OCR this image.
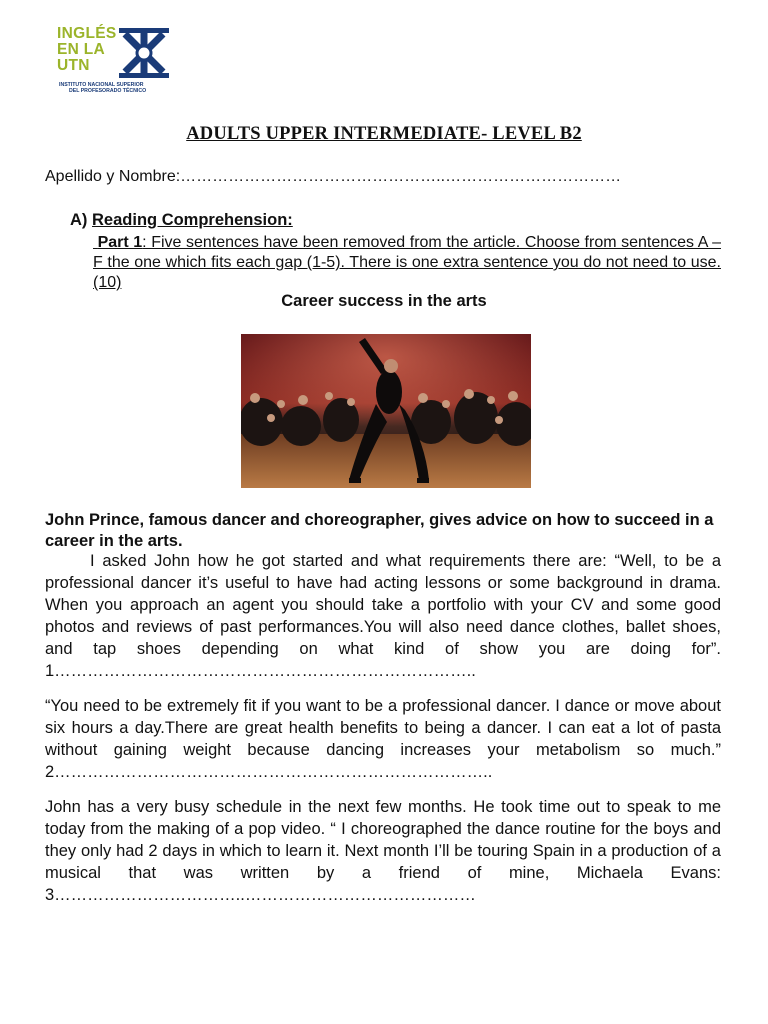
INGLÉS
EN LA
UTN
INSTITUTO NACIONAL SUPERIOR
DEL PROFESORADO TÉCNICO
ADULTS UPPER INTERMEDIATE- LEVEL B2
Apellido y Nombre:…………………………………………..……………………………
A) Reading Comprehension:
Part 1: Five sentences have been removed from the article. Choose from sentences A –F the one which fits each gap (1-5). There is one extra sentence you do not need to use. (10)
Career success in the arts
John Prince, famous dancer and choreographer, gives advice on how to succeed in a career in the arts.
I asked John how he got started and what requirements there are: “Well, to be a professional dancer it’s useful to have had acting lessons or some background in drama. When you approach an agent you should take a portfolio with your CV and some good photos and reviews of past performances.You will also need dance clothes, ballet shoes, and tap shoes depending on what kind of show you are doing for”. 1…………………………………………………………………..
“You need to be extremely fit if you want to be a professional dancer. I dance or move about six hours a day.There are great health benefits to being a dancer. I can eat a lot of pasta without gaining weight because dancing increases your metabolism so much.” 2……………………………………………………………………..
John has a very busy schedule in the next few months. He took time out to speak to me today from the making of a pop video. “ I choreographed the dance routine for the boys and they only had 2 days in which to learn it. Next month I’ll be touring Spain in a production of a musical that was written by a friend of mine, Michaela Evans: 3……………………………..……………………………………
